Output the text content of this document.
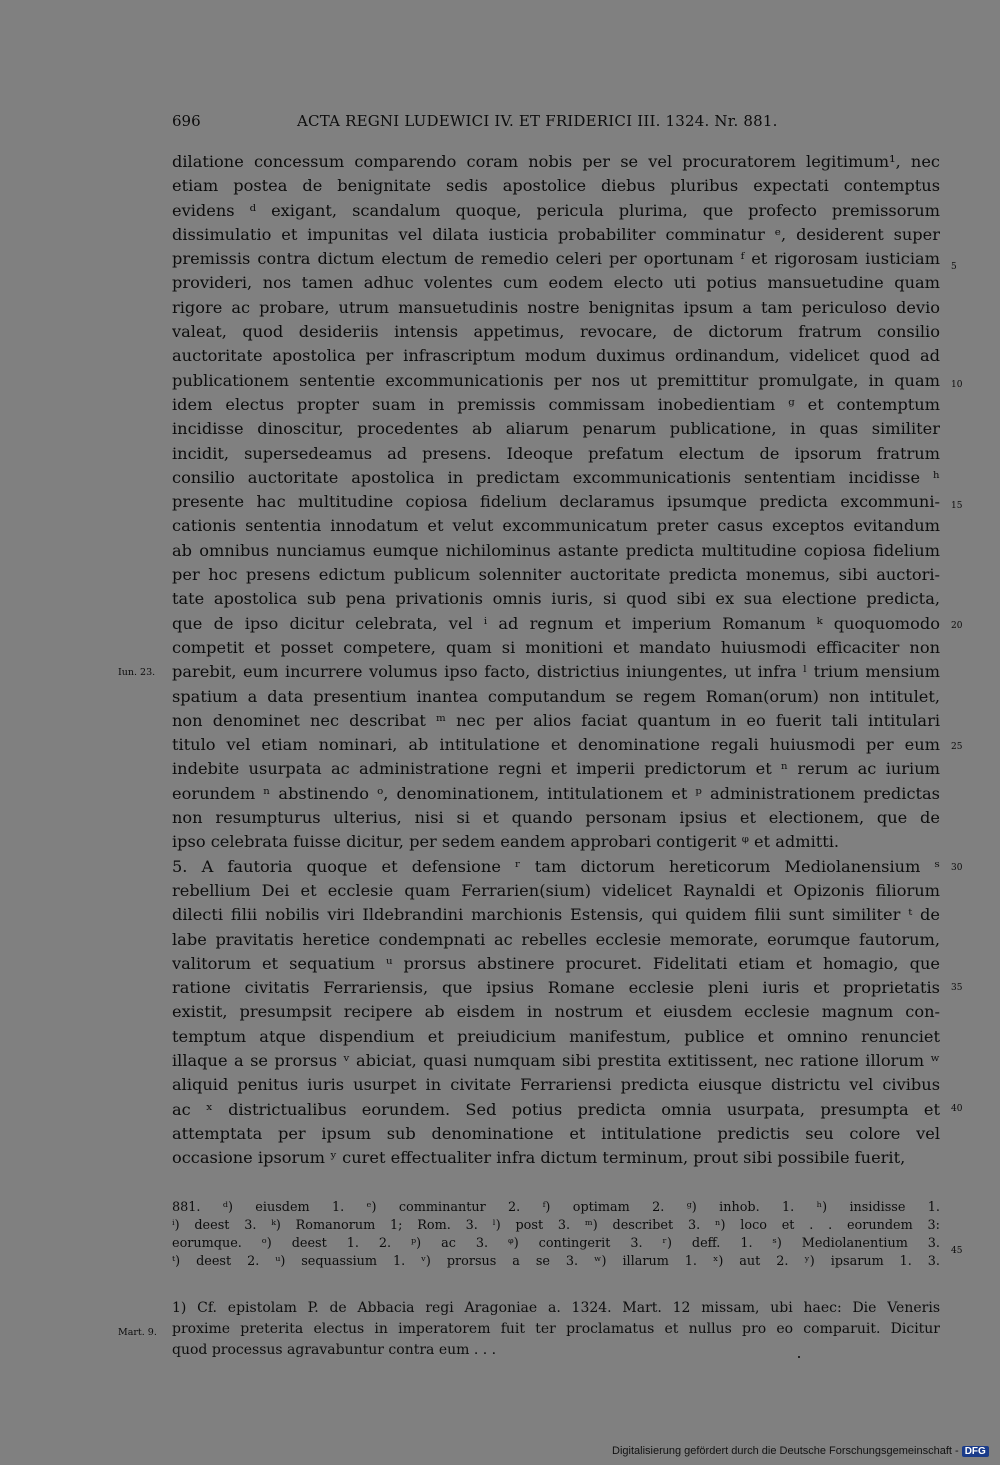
696	ACTA REGNI LUDEWICI IV. ET FRIDERICI III. 1324. Nr. 881.
dilatione concessum comparendo coram nobis per se vel procuratorem legitimum¹, nec
etiam postea de benignitate sedis apostolice diebus pluribus expectati contemptus
evidens ᵈ exigant, scandalum quoque, pericula plurima, que profecto premissorum
dissimulatio et impunitas vel dilata iusticia probabiliter comminatur ᵉ, desiderent super
premissis contra dictum electum de remedio celeri per oportunam ᶠ et rigorosam iusticiam
provideri, nos tamen adhuc volentes cum eodem electo uti potius mansuetudine quam
rigore ac probare, utrum mansuetudinis nostre benignitas ipsum a tam periculoso devio
valeat, quod desideriis intensis appetimus, revocare, de dictorum fratrum consilio
auctoritate apostolica per infrascriptum modum duximus ordinandum, videlicet quod ad
publicationem sententie excommunicationis per nos ut premittitur promulgate, in quam
idem electus propter suam in premissis commissam inobedientiam ᵍ et contemptum
incidisse dinoscitur, procedentes ab aliarum penarum publicatione, in quas similiter
incidit, supersedeamus ad presens. Ideoque prefatum electum de ipsorum fratrum
consilio auctoritate apostolica in predictam excommunicationis sententiam incidisse ʰ
presente hac multitudine copiosa fidelium declaramus ipsumque predicta excommuni-
cationis sententia innodatum et velut excommunicatum preter casus exceptos evitandum
ab omnibus nunciamus eumque nichilominus astante predicta multitudine copiosa fidelium
per hoc presens edictum publicum solenniter auctoritate predicta monemus, sibi auctori-
tate apostolica sub pena privationis omnis iuris, si quod sibi ex sua electione predicta,
que de ipso dicitur celebrata, vel ⁱ ad regnum et imperium Romanum ᵏ quoquomodo
competit et posset competere, quam si monitioni et mandato huiusmodi efficaciter non
parebit, eum incurrere volumus ipso facto, districtius iniungentes, ut infra ˡ trium mensium
spatium a data presentium inantea computandum se regem Roman(orum) non intitulet,
non denominet nec describat ᵐ nec per alios faciat quantum in eo fuerit tali intitulari
titulo vel etiam nominari, ab intitulatione et denominatione regali huiusmodi per eum
indebite usurpata ac administratione regni et imperii predictorum et ⁿ rerum ac iurium
eorundem ⁿ abstinendo ᵒ, denominationem, intitulationem et ᵖ administrationem predictas
non resumpturus ulterius, nisi si et quando personam ipsius et electionem, que de
ipso celebrata fuisse dicitur, per sedem eandem approbari contigerit ᵠ et admitti.
5. A fautoria quoque et defensione ʳ tam dictorum hereticorum Mediolanensium ˢ
rebellium Dei et ecclesie quam Ferrarien(sium) videlicet Raynaldi et Opizonis filiorum
dilecti filii nobilis viri Ildebrandini marchionis Estensis, qui quidem filii sunt similiter ᵗ de
labe pravitatis heretice condempnati ac rebelles ecclesie memorate, eorumque fautorum,
valitorum et sequatium ᵘ prorsus abstinere procuret. Fidelitati etiam et homagio, que
ratione civitatis Ferrariensis, que ipsius Romane ecclesie pleni iuris et proprietatis
existit, presumpsit recipere ab eisdem in nostrum et eiusdem ecclesie magnum con-
temptum atque dispendium et preiudicium manifestum, publice et omnino renunciet
illaque a se prorsus ᵛ abiciat, quasi numquam sibi prestita extitissent, nec ratione illorum ʷ
aliquid penitus iuris usurpet in civitate Ferrariensi predicta eiusque districtu vel civibus
ac ˣ districtualibus eorundem. Sed potius predicta omnia usurpata, presumpta et
attemptata per ipsum sub denominatione et intitulatione predictis seu colore vel
occasione ipsorum ʸ curet effectualiter infra dictum terminum, prout sibi possibile fuerit,
5
10
15
20
25
30
35
40
45
Iun. 23.
881. ᵈ) eiusdem 1. ᵉ) comminantur 2. ᶠ) optimam 2. ᵍ) inhob. 1. ʰ) insidisse 1.
ⁱ) deest 3. ᵏ) Romanorum 1; Rom. 3. ˡ) post 3. ᵐ) describet 3. ⁿ) loco et . . eorundem 3:
eorumque. ᵒ) deest 1. 2. ᵖ) ac 3. ᵠ) contingerit 3. ʳ) deff. 1. ˢ) Mediolanentium 3.
ᵗ) deest 2. ᵘ) sequassium 1. ᵛ) prorsus a se 3. ʷ) illarum 1. ˣ) aut 2. ʸ) ipsarum 1. 3.
1) Cf. epistolam P. de Abbacia regi Aragoniae a. 1324. Mart. 12 missam, ubi haec: Die Veneris
proxime preterita electus in imperatorem fuit ter proclamatus et nullus pro eo comparuit. Dicitur
quod processus agravabuntur contra eum . . .
Mart. 9.
Digitalisierung gefördert durch die Deutsche Forschungsgemeinschaft - DFG
